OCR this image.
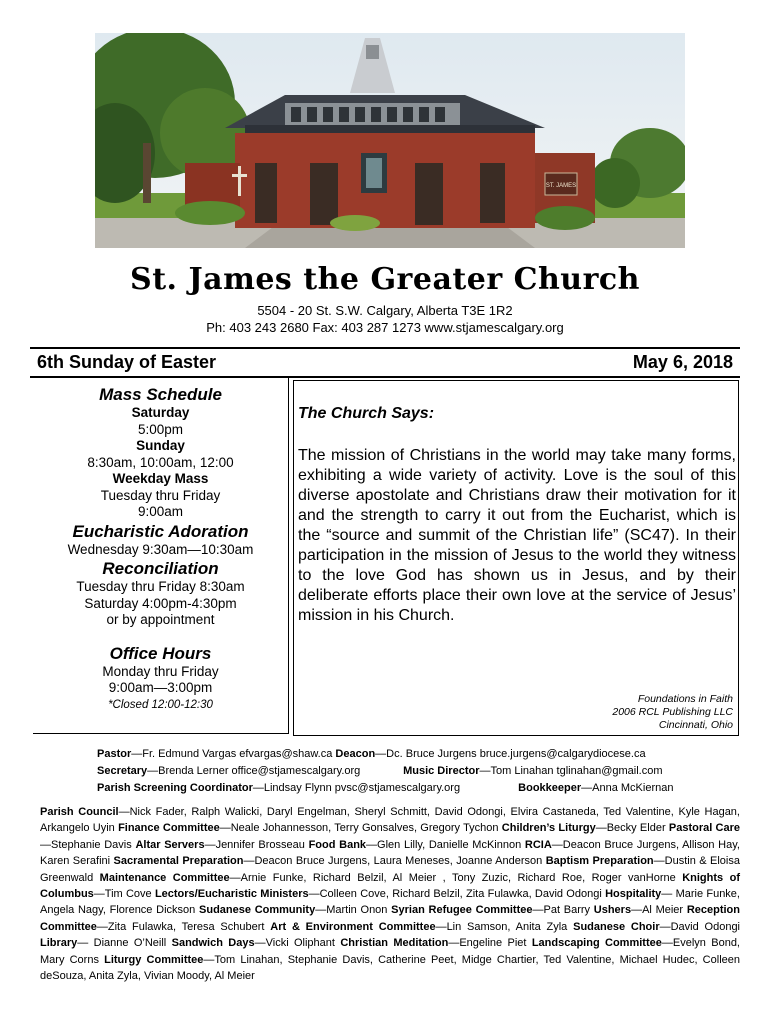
ST. JAMES
St. James the Greater Church
5504 - 20 St. S.W. Calgary, Alberta T3E 1R2
Ph: 403 243 2680 Fax: 403 287 1273 www.stjamescalgary.org
6th Sunday of Easter	May 6, 2018
Mass Schedule
Saturday
5:00pm
Sunday
8:30am, 10:00am, 12:00
Weekday Mass
Tuesday thru Friday
9:00am
Eucharistic Adoration
Wednesday 9:30am—10:30am
Reconciliation
Tuesday thru Friday 8:30am
Saturday 4:00pm-4:30pm
or by appointment
Office Hours
Monday thru Friday
9:00am—3:00pm
*Closed 12:00-12:30
The Church Says:
The mission of Christians in the world may take many forms, exhibiting a wide variety of activity. Love is the soul of this diverse apostolate and Christians draw their motivation for it and the strength to carry it out from the Eucharist, which is the “source and summit of the Christian life” (SC47). In their participation in the mission of Jesus to the world they witness to the love God has shown us in Jesus, and by their deliberate efforts place their own love at the service of Jesus’ mission in his Church.
Foundations in Faith
2006 RCL Publishing LLC
Cincinnati, Ohio
Pastor—Fr. Edmund Vargas efvargas@shaw.ca Deacon—Dc. Bruce Jurgens bruce.jurgens@calgarydiocese.ca
Secretary—Brenda Lerner office@stjamescalgary.org              Music Director—Tom Linahan tglinahan@gmail.com
Parish Screening Coordinator—Lindsay Flynn pvsc@stjamescalgary.org                   Bookkeeper—Anna McKiernan
Parish Council—Nick Fader, Ralph Walicki, Daryl Engelman, Sheryl Schmitt, David Odongi, Elvira Castaneda, Ted Valentine, Kyle Hagan, Arkangelo Uyin Finance Committee—Neale Johannesson, Terry Gonsalves, Gregory Tychon Children’s Liturgy—Becky Elder Pastoral Care—Stephanie Davis Altar Servers—Jennifer Brosseau Food Bank—Glen Lilly, Danielle McKinnon RCIA—Deacon Bruce Jurgens, Allison Hay, Karen Serafini Sacramental Preparation—Deacon Bruce Jurgens, Laura Meneses, Joanne Anderson Baptism Preparation—Dustin & Eloisa Greenwald Maintenance Committee—Arnie Funke, Richard Belzil, Al Meier , Tony Zuzic, Richard Roe, Roger vanHorne Knights of Columbus—Tim Cove Lectors/Eucharistic Ministers—Colleen Cove, Richard Belzil, Zita Fulawka, David Odongi Hospitality— Marie Funke, Angela Nagy, Florence Dickson Sudanese Community—Martin Onon Syrian Refugee Committee—Pat Barry Ushers—Al Meier Reception Committee—Zita Fulawka, Teresa Schubert Art & Environment Committee—Lin Samson, Anita Zyla Sudanese Choir—David Odongi Library— Dianne O’Neill Sandwich Days—Vicki Oliphant Christian Meditation—Engeline Piet Landscaping Committee—Evelyn Bond, Mary Corns Liturgy Committee—Tom Linahan, Stephanie Davis, Catherine Peet, Midge Chartier, Ted Valentine, Michael Hudec, Colleen deSouza, Anita Zyla, Vivian Moody, Al Meier
